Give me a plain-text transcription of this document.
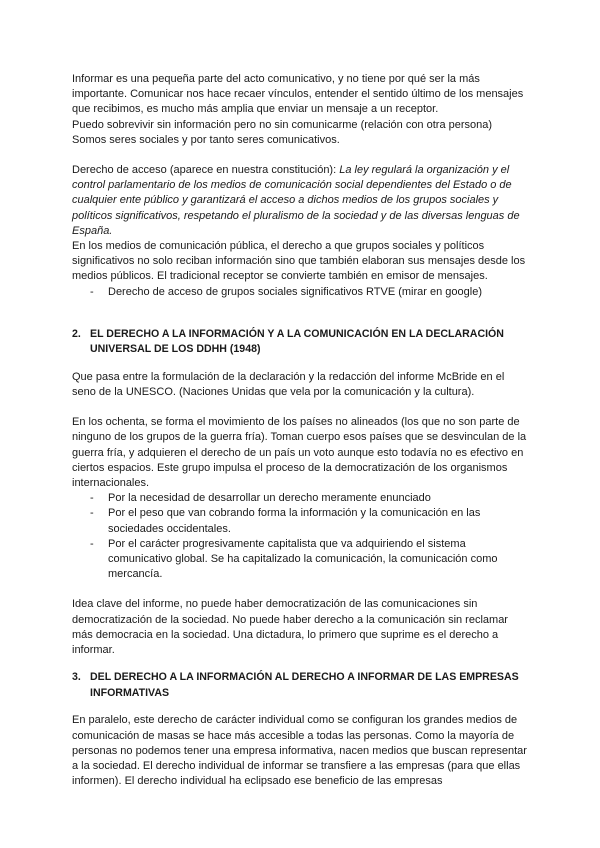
Informar es una pequeña parte del acto comunicativo, y no tiene por qué ser la más importante. Comunicar nos hace recaer vínculos, entender el sentido último de los mensajes que recibimos, es mucho más amplia que enviar un mensaje a un receptor.

Puedo sobrevivir sin información pero no sin comunicarme (relación con otra persona)

Somos seres sociales y por tanto seres comunicativos.

Derecho de acceso (aparece en nuestra constitución): La ley regulará la organización y el control parlamentario de los medios de comunicación social dependientes del Estado o de cualquier ente público y garantizará el acceso a dichos medios de los grupos sociales y políticos significativos, respetando el pluralismo de la sociedad y de las diversas lenguas de España.

En los medios de comunicación pública, el derecho a que grupos sociales y políticos significativos no solo reciban información sino que también elaboran sus mensajes desde los medios públicos. El tradicional receptor se convierte también en emisor de mensajes.

- Derecho de acceso de grupos sociales significativos RTVE (mirar en google)
2. EL DERECHO A LA INFORMACIÓN Y A LA COMUNICACIÓN EN LA DECLARACIÓN UNIVERSAL DE LOS DDHH (1948)

Que pasa entre la formulación de la declaración y la redacción del informe McBride en el seno de la UNESCO. (Naciones Unidas que vela por la comunicación y la cultura).

En los ochenta, se forma el movimiento de los países no alineados (los que no son parte de ninguno de los grupos de la guerra fría). Toman cuerpo esos países que se desvinculan de la guerra fría, y adquieren el derecho de un país un voto aunque esto todavía no es efectivo en ciertos espacios. Este grupo impulsa el proceso de la democratización de los organismos internacionales.

- Por la necesidad de desarrollar un derecho meramente enunciado
- Por el peso que van cobrando forma la información y la comunicación en las sociedades occidentales.
- Por el carácter progresivamente capitalista que va adquiriendo el sistema comunicativo global. Se ha capitalizado la comunicación, la comunicación como mercancía.

Idea clave del informe, no puede haber democratización de las comunicaciones sin democratización de la sociedad. No puede haber derecho a la comunicación sin reclamar más democracia en la sociedad. Una dictadura, lo primero que suprime es el derecho a informar.

3. DEL DERECHO A LA INFORMACIÓN AL DERECHO A INFORMAR DE LAS EMPRESAS INFORMATIVAS

En paralelo, este derecho de carácter individual como se configuran los grandes medios de comunicación de masas se hace más accesible a todas las personas. Como la mayoría de personas no podemos tener una empresa informativa, nacen medios que buscan representar a la sociedad. El derecho individual de informar se transfiere a las empresas (para que ellas informen). El derecho individual ha eclipsado ese beneficio de las empresas
